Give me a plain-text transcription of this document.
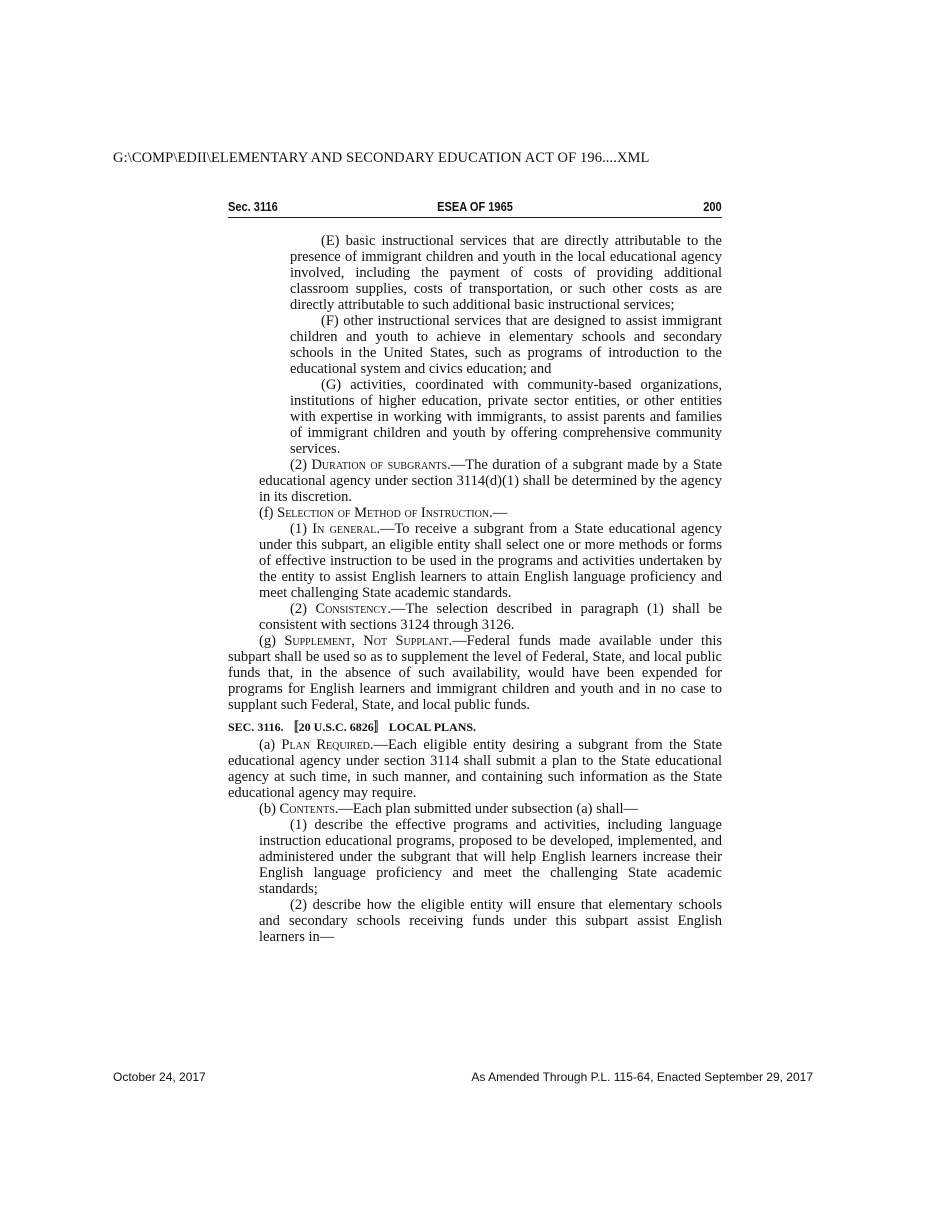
G:\COMP\EDII\ELEMENTARY AND SECONDARY EDUCATION ACT OF 196....XML
Sec. 3116	ESEA OF 1965	200

(E) basic instructional services that are directly attributable to the presence of immigrant children and youth in the local educational agency involved, including the payment of costs of providing additional classroom supplies, costs of transportation, or such other costs as are directly attributable to such additional basic instructional services;

(F) other instructional services that are designed to assist immigrant children and youth to achieve in elementary schools and secondary schools in the United States, such as programs of introduction to the educational system and civics education; and

(G) activities, coordinated with community-based organizations, institutions of higher education, private sector entities, or other entities with expertise in working with immigrants, to assist parents and families of immigrant children and youth by offering comprehensive community services.

(2) Duration of subgrants.—The duration of a subgrant made by a State educational agency under section 3114(d)(1) shall be determined by the agency in its discretion.

(f) Selection of Method of Instruction.—

(1) In general.—To receive a subgrant from a State educational agency under this subpart, an eligible entity shall select one or more methods or forms of effective instruction to be used in the programs and activities undertaken by the entity to assist English learners to attain English language proficiency and meet challenging State academic standards.

(2) Consistency.—The selection described in paragraph (1) shall be consistent with sections 3124 through 3126.

(g) Supplement, Not Supplant.—Federal funds made available under this subpart shall be used so as to supplement the level of Federal, State, and local public funds that, in the absence of such availability, would have been expended for programs for English learners and immigrant children and youth and in no case to supplant such Federal, State, and local public funds.

SEC. 3116. 〚20 U.S.C. 6826〛 LOCAL PLANS.

(a) Plan Required.—Each eligible entity desiring a subgrant from the State educational agency under section 3114 shall submit a plan to the State educational agency at such time, in such manner, and containing such information as the State educational agency may require.

(b) Contents.—Each plan submitted under subsection (a) shall—

(1) describe the effective programs and activities, including language instruction educational programs, proposed to be developed, implemented, and administered under the subgrant that will help English learners increase their English language proficiency and meet the challenging State academic standards;

(2) describe how the eligible entity will ensure that elementary schools and secondary schools receiving funds under this subpart assist English learners in—

October 24, 2017	As Amended Through P.L. 115-64, Enacted September 29, 2017
